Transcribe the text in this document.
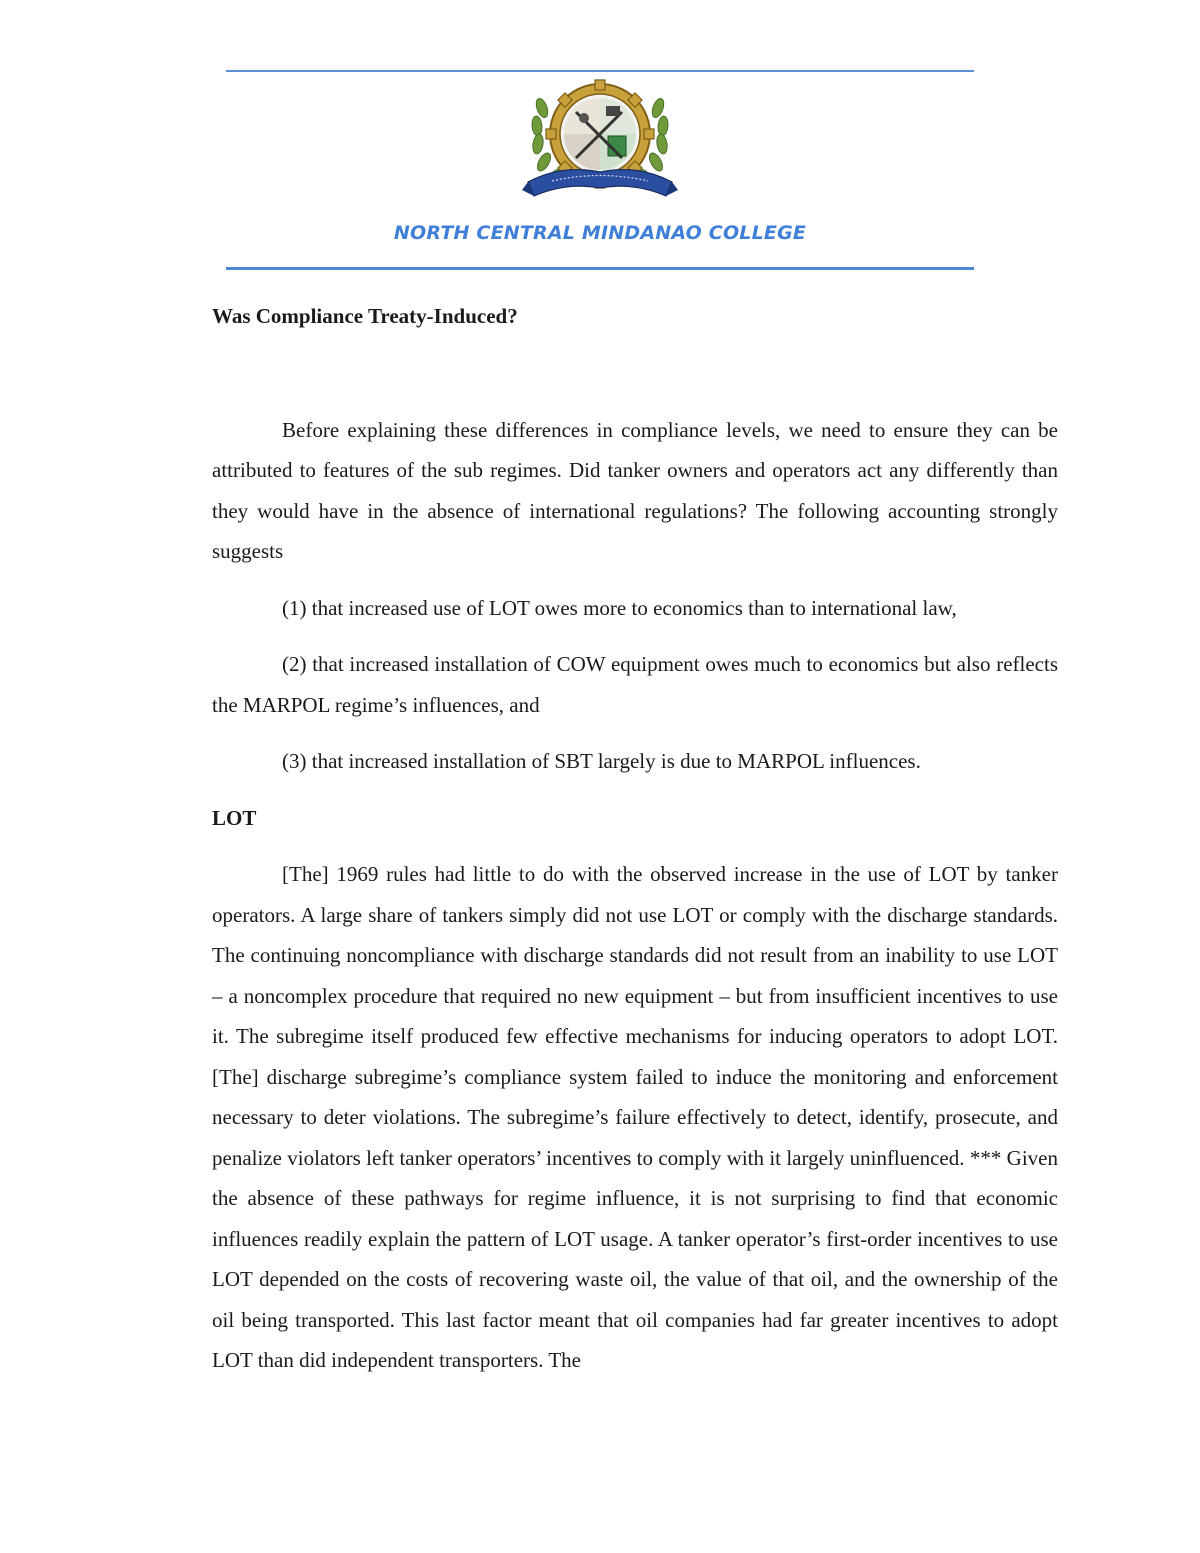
NORTH CENTRAL MINDANAO COLLEGE

Was Compliance Treaty-Induced?

Before explaining these differences in compliance levels, we need to ensure they can be attributed to features of the sub regimes. Did tanker owners and operators act any differently than they would have in the absence of international regulations? The following accounting strongly suggests

(1) that increased use of LOT owes more to economics than to international law,

(2) that increased installation of COW equipment owes much to economics but also reflects the MARPOL regime’s influences, and

(3) that increased installation of SBT largely is due to MARPOL influences.

LOT

[The] 1969 rules had little to do with the observed increase in the use of LOT by tanker operators. A large share of tankers simply did not use LOT or comply with the discharge standards. The continuing noncompliance with discharge standards did not result from an inability to use LOT – a noncomplex procedure that required no new equipment – but from insufficient incentives to use it. The subregime itself produced few effective mechanisms for inducing operators to adopt LOT. [The] discharge subregime’s compliance system failed to induce the monitoring and enforcement necessary to deter violations. The subregime’s failure effectively to detect, identify, prosecute, and penalize violators left tanker operators’ incentives to comply with it largely uninfluenced. *** Given the absence of these pathways for regime influence, it is not surprising to find that economic influences readily explain the pattern of LOT usage. A tanker operator’s first-order incentives to use LOT depended on the costs of recovering waste oil, the value of that oil, and the ownership of the oil being transported. This last factor meant that oil companies had far greater incentives to adopt LOT than did independent transporters. The
